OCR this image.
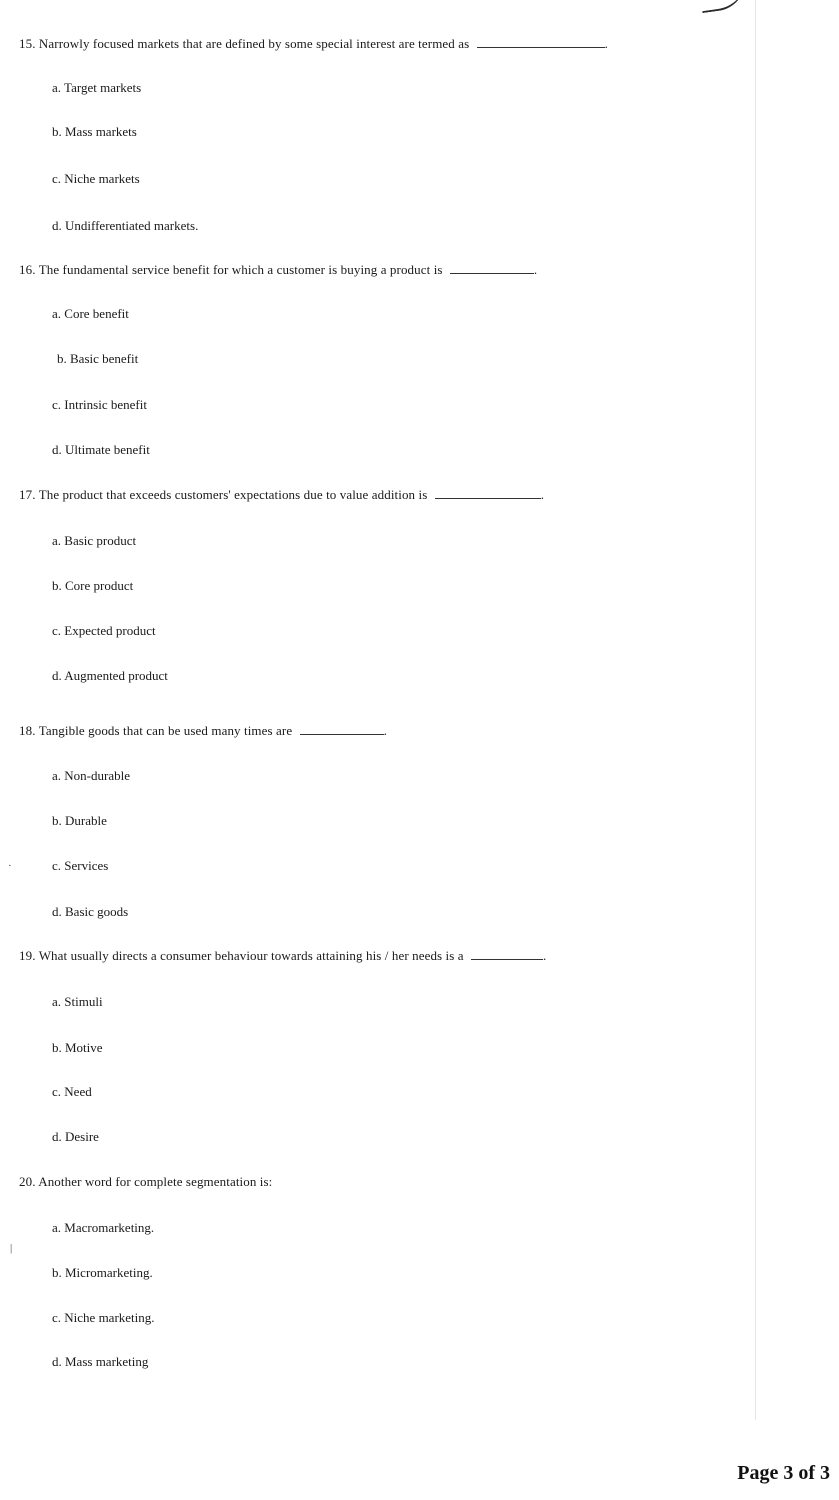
15. Narrowly focused markets that are defined by some special interest are termed as	.
a. Target markets
b. Mass markets
c. Niche markets
d. Undifferentiated markets.
16. The fundamental service benefit for which a customer is buying a product is	.
a. Core benefit
b. Basic benefit
c. Intrinsic benefit
d. Ultimate benefit
17. The product that exceeds customers' expectations due to value addition is	.
a. Basic product
b. Core product
c. Expected product
d. Augmented product
18. Tangible goods that can be used many times are	.
a. Non-durable
b. Durable
·	c. Services
d. Basic goods
19. What usually directs a consumer behaviour towards attaining his / her needs is a	.
a. Stimuli
b. Motive
c. Need
d. Desire
20. Another word for complete segmentation is:
a. Macromarketing.
|
b. Micromarketing.
c. Niche marketing.
d. Mass marketing
Page 3 of 3
